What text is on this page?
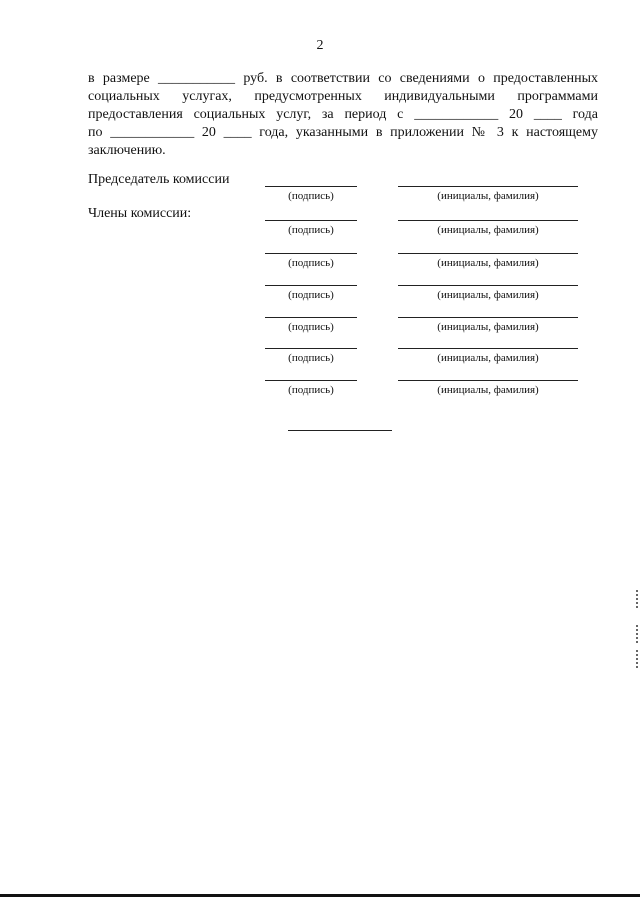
2
в размере ___________ руб. в соответствии со сведениями о предоставленных
социальных услугах, предусмотренных индивидуальными программами
предоставления социальных услуг, за период с ____________ 20 ____ года
по ____________ 20 ____ года, указанными в приложении № 3 к настоящему
заключению.
Председатель комиссии
Члены комиссии:
(подпись)	(инициалы, фамилия)
(подпись)	(инициалы, фамилия)
(подпись)	(инициалы, фамилия)
(подпись)	(инициалы, фамилия)
(подпись)	(инициалы, фамилия)
(подпись)	(инициалы, фамилия)
(подпись)	(инициалы, фамилия)
